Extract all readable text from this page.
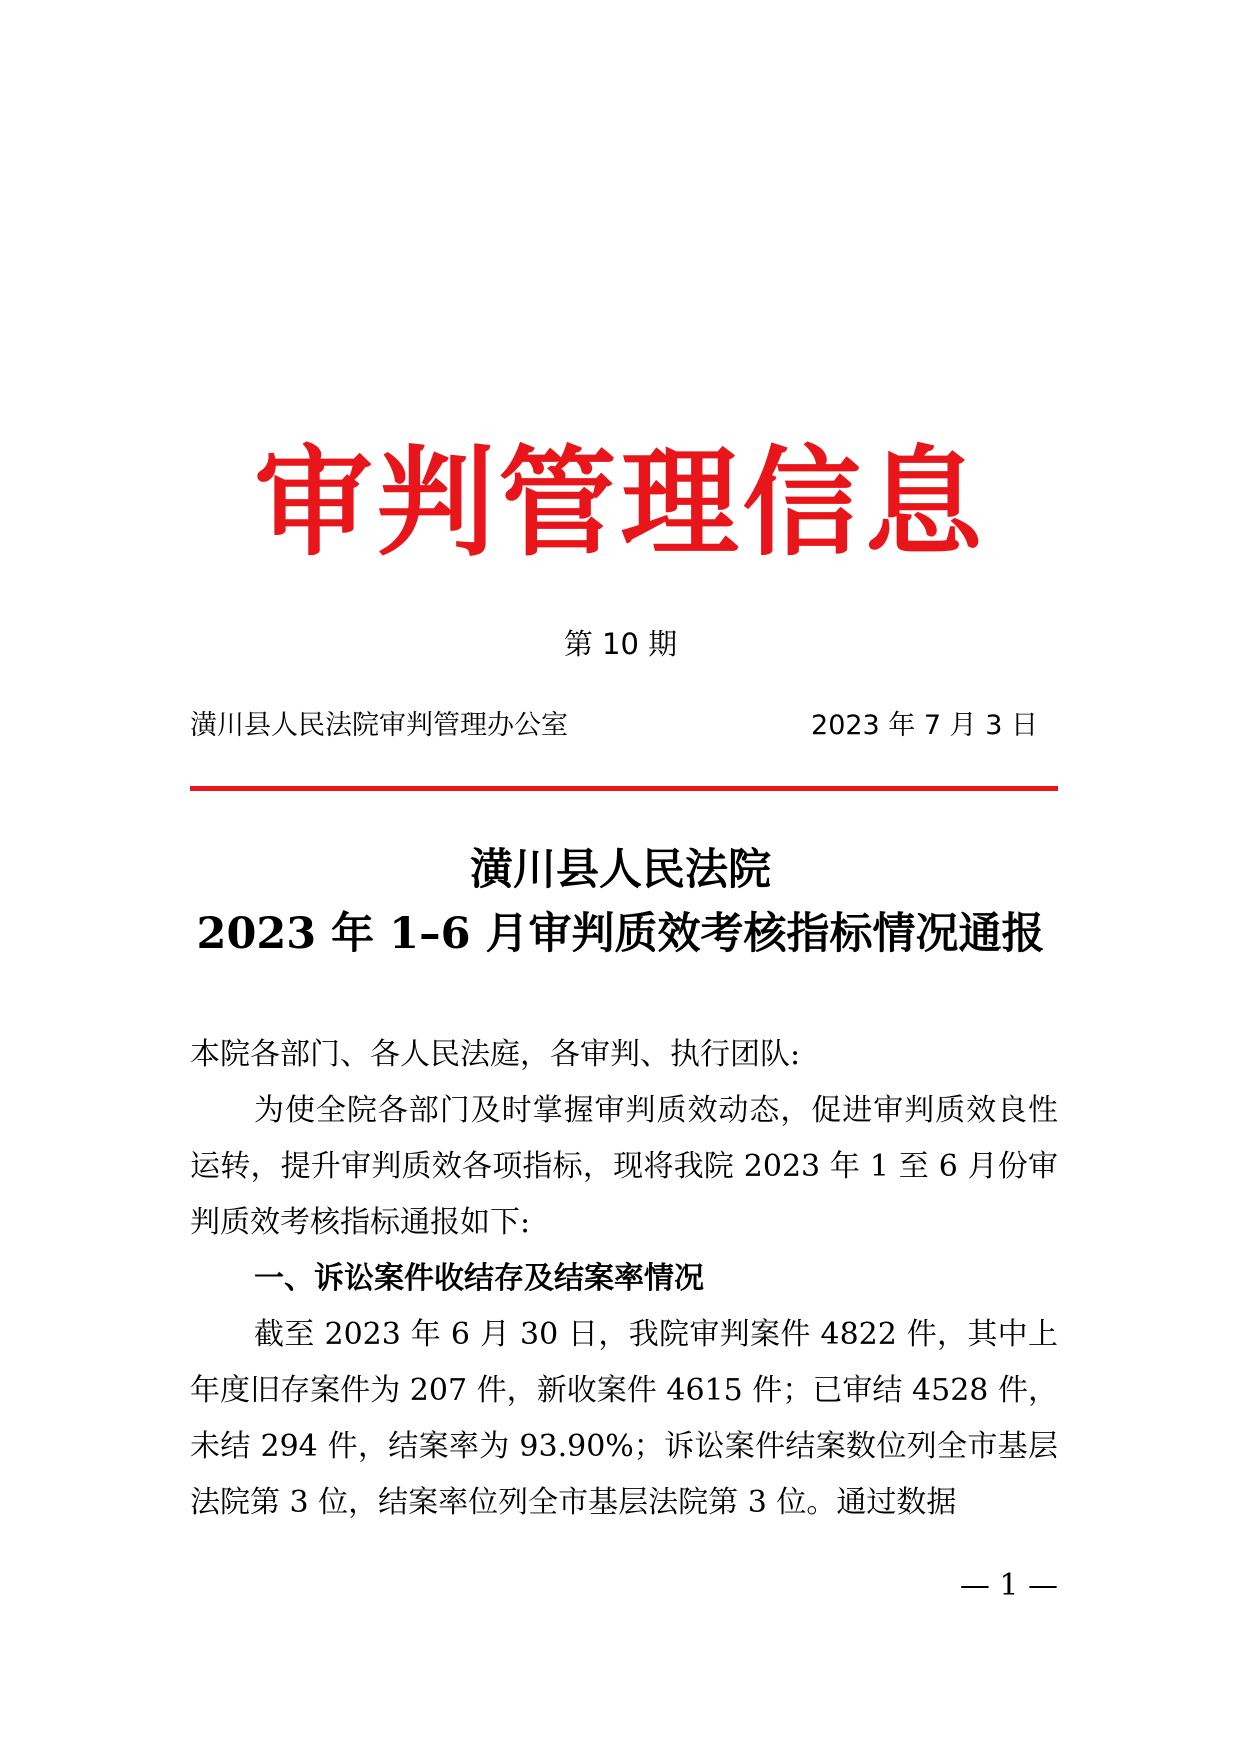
审判管理信息
第 10 期
潢川县人民法院审判管理办公室	2023 年 7 月 3 日
潢川县人民法院
2023 年 1–6 月审判质效考核指标情况通报

本院各部门、各人民法庭，各审判、执行团队:

为使全院各部门及时掌握审判质效动态，促进审判质效良性运转，提升审判质效各项指标，现将我院 2023 年 1 至 6 月份审判质效考核指标通报如下:

一、诉讼案件收结存及结案率情况

截至 2023 年 6 月 30 日，我院审判案件 4822 件，其中上年度旧存案件为 207 件，新收案件 4615 件；已审结 4528 件，未结 294 件，结案率为 93.90%；诉讼案件结案数位列全市基层法院第 3 位，结案率位列全市基层法院第 3 位。通过数据

— 1 —
